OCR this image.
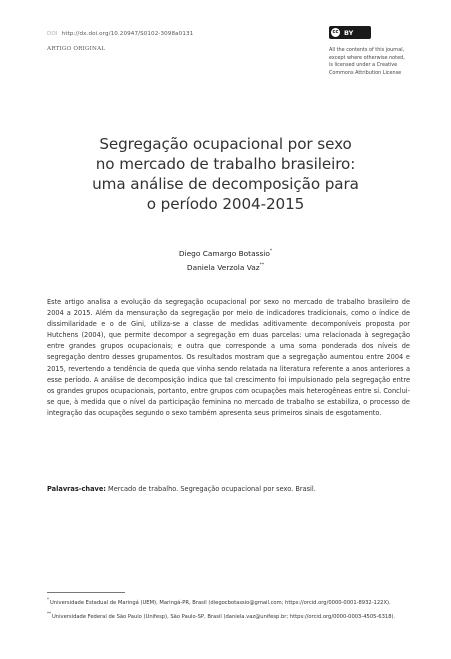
DOI http://dx.doi.org/10.20947/S0102-3098a0131
ARTIGO ORIGINAL
cc BY
All the contents of this journal, except where otherwise noted, is licensed under a Creative Commons Attribution License
Segregação ocupacional por sexo
no mercado de trabalho brasileiro:
uma análise de decomposição para
o período 2004-2015
Diego Camargo Botassio*
Daniela Verzola Vaz**
Este artigo analisa a evolução da segregação ocupacional por sexo no mercado de trabalho brasileiro de 2004 a 2015. Além da mensuração da segregação por meio de indicadores tradicionais, como o índice de dissimilaridade e o de Gini, utiliza-se a classe de medidas aditivamente decomponíveis proposta por Hutchens (2004), que permite decompor a segregação em duas parcelas: uma relacionada à segregação entre grandes grupos ocupacionais; e outra que corresponde a uma soma ponderada dos níveis de segregação dentro desses grupamentos. Os resultados mostram que a segregação aumentou entre 2004 e 2015, revertendo a tendência de queda que vinha sendo relatada na literatura referente a anos anteriores a esse período. A análise de decomposição indica que tal crescimento foi impulsionado pela segregação entre os grandes grupos ocupacionais, portanto, entre grupos com ocupações mais heterogêneas entre si. Conclui-se que, à medida que o nível da participação feminina no mercado de trabalho se estabiliza, o processo de integração das ocupações segundo o sexo também apresenta seus primeiros sinais de esgotamento.
Palavras-chave: Mercado de trabalho. Segregação ocupacional por sexo. Brasil.
*Universidade Estadual de Maringá (UEM), Maringá-PR, Brasil (diegocbotassio@gmail.com; https://orcid.org/0000-0001-8932-122X).
**Universidade Federal de São Paulo (Unifesp), São Paulo-SP, Brasil (daniela.vaz@unifesp.br; https://orcid.org/0000-0003-4505-6318).
